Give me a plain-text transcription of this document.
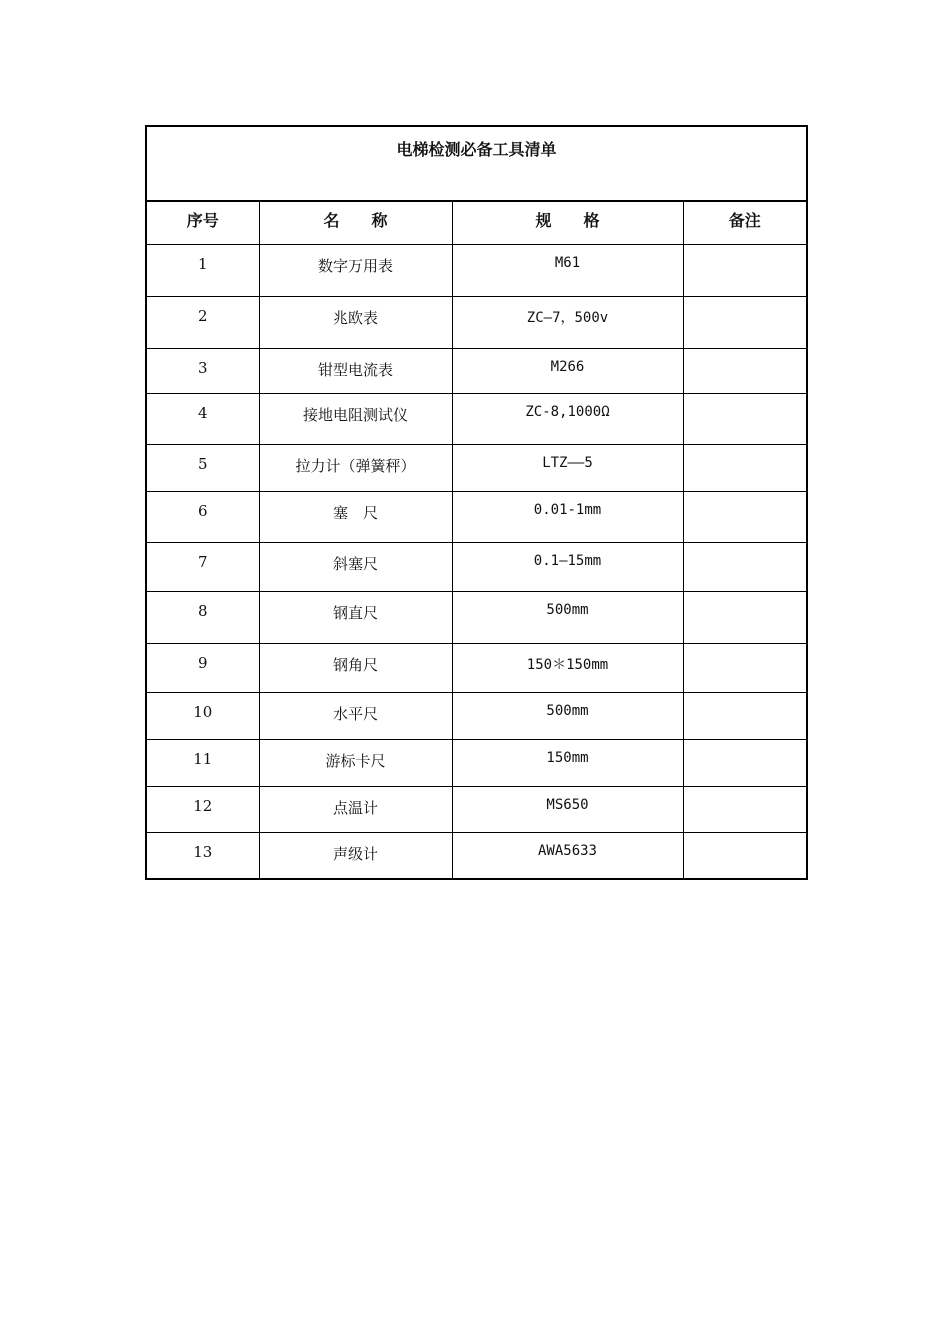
电梯检测必备工具清单			
序号	名　　称	规　　格	备注

1	数字万用表	M61	

2	兆欧表	ZC—7，500v	

3	钳型电流表	M266	

4	接地电阻测试仪	ZC-8,1000Ω	

5	拉力计（弹簧秤）	LTZ——5	

6	塞　尺	0.01-1mm	

7	斜塞尺	0.1—15mm	

8	钢直尺	500mm	

9	钢角尺	150＊150mm	

10	水平尺	500mm	

11	游标卡尺	150mm	

12	点温计	MS650	

13	声级计	AWA5633	
